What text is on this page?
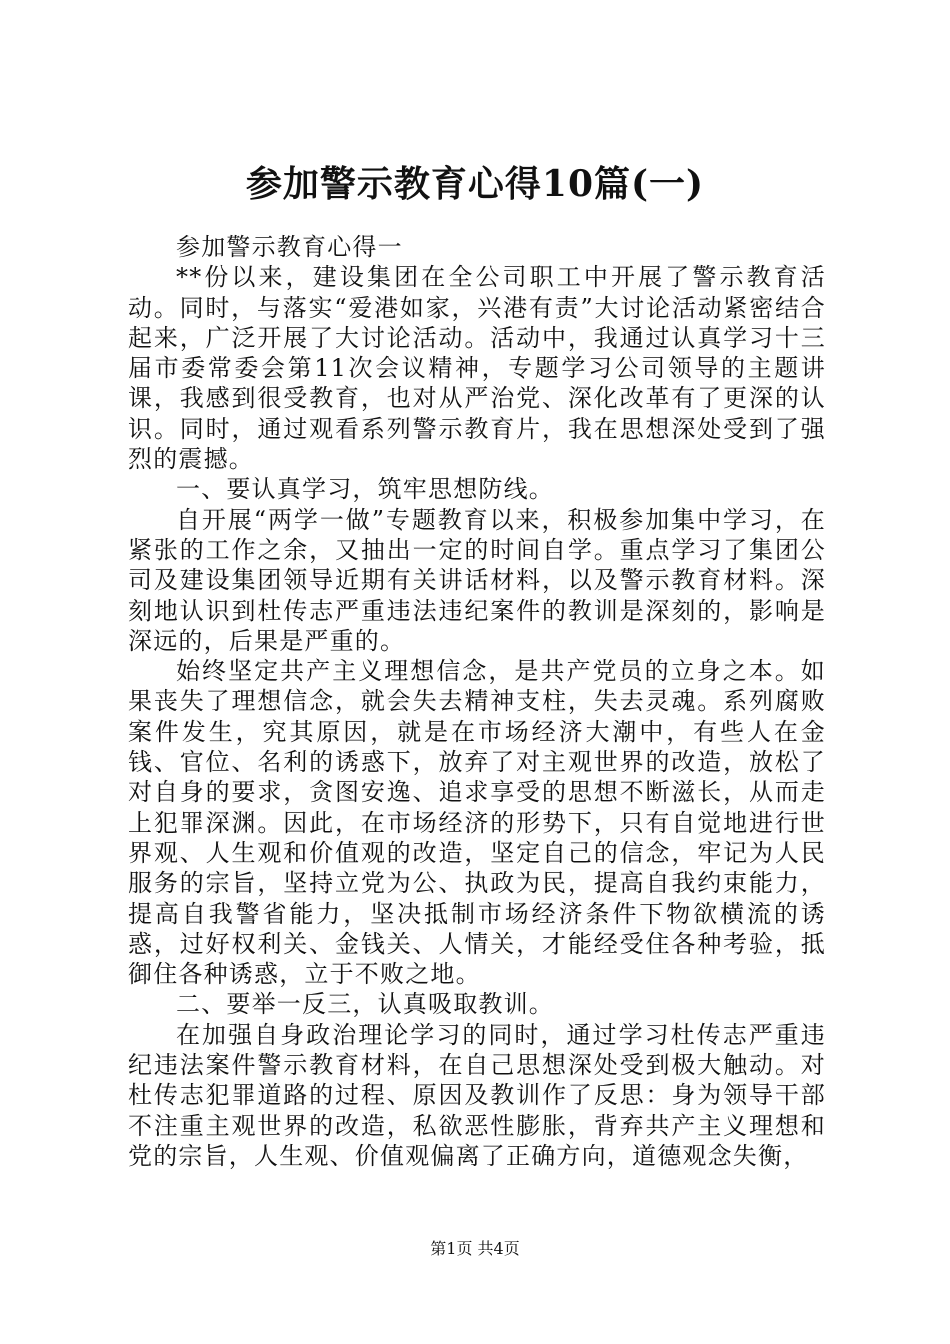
参加警示教育心得10篇(一)

参加警示教育心得一

**份以来，建设集团在全公司职工中开展了警示教育活动。同时，与落实“爱港如家，兴港有责”大讨论活动紧密结合起来，广泛开展了大讨论活动。活动中，我通过认真学习十三届市委常委会第11次会议精神，专题学习公司领导的主题讲课，我感到很受教育，也对从严治党、深化改革有了更深的认识。同时，通过观看系列警示教育片，我在思想深处受到了强烈的震撼。

一、要认真学习，筑牢思想防线。

自开展“两学一做”专题教育以来，积极参加集中学习，在紧张的工作之余，又抽出一定的时间自学。重点学习了集团公司及建设集团领导近期有关讲话材料，以及警示教育材料。深刻地认识到杜传志严重违法违纪案件的教训是深刻的，影响是深远的，后果是严重的。

始终坚定共产主义理想信念，是共产党员的立身之本。如果丧失了理想信念，就会失去精神支柱，失去灵魂。系列腐败案件发生，究其原因，就是在市场经济大潮中，有些人在金钱、官位、名利的诱惑下，放弃了对主观世界的改造，放松了对自身的要求，贪图安逸、追求享受的思想不断滋长，从而走上犯罪深渊。因此，在市场经济的形势下，只有自觉地进行世界观、人生观和价值观的改造，坚定自己的信念，牢记为人民服务的宗旨，坚持立党为公、执政为民，提高自我约束能力，提高自我警省能力，坚决抵制市场经济条件下物欲横流的诱惑，过好权利关、金钱关、人情关，才能经受住各种考验，抵御住各种诱惑，立于不败之地。

二、要举一反三，认真吸取教训。

在加强自身政治理论学习的同时，通过学习杜传志严重违纪违法案件警示教育材料，在自己思想深处受到极大触动。对杜传志犯罪道路的过程、原因及教训作了反思：身为领导干部不注重主观世界的改造，私欲恶性膨胀，背弃共产主义理想和党的宗旨，人生观、价值观偏离了正确方向，道德观念失衡，

第1页 共4页
